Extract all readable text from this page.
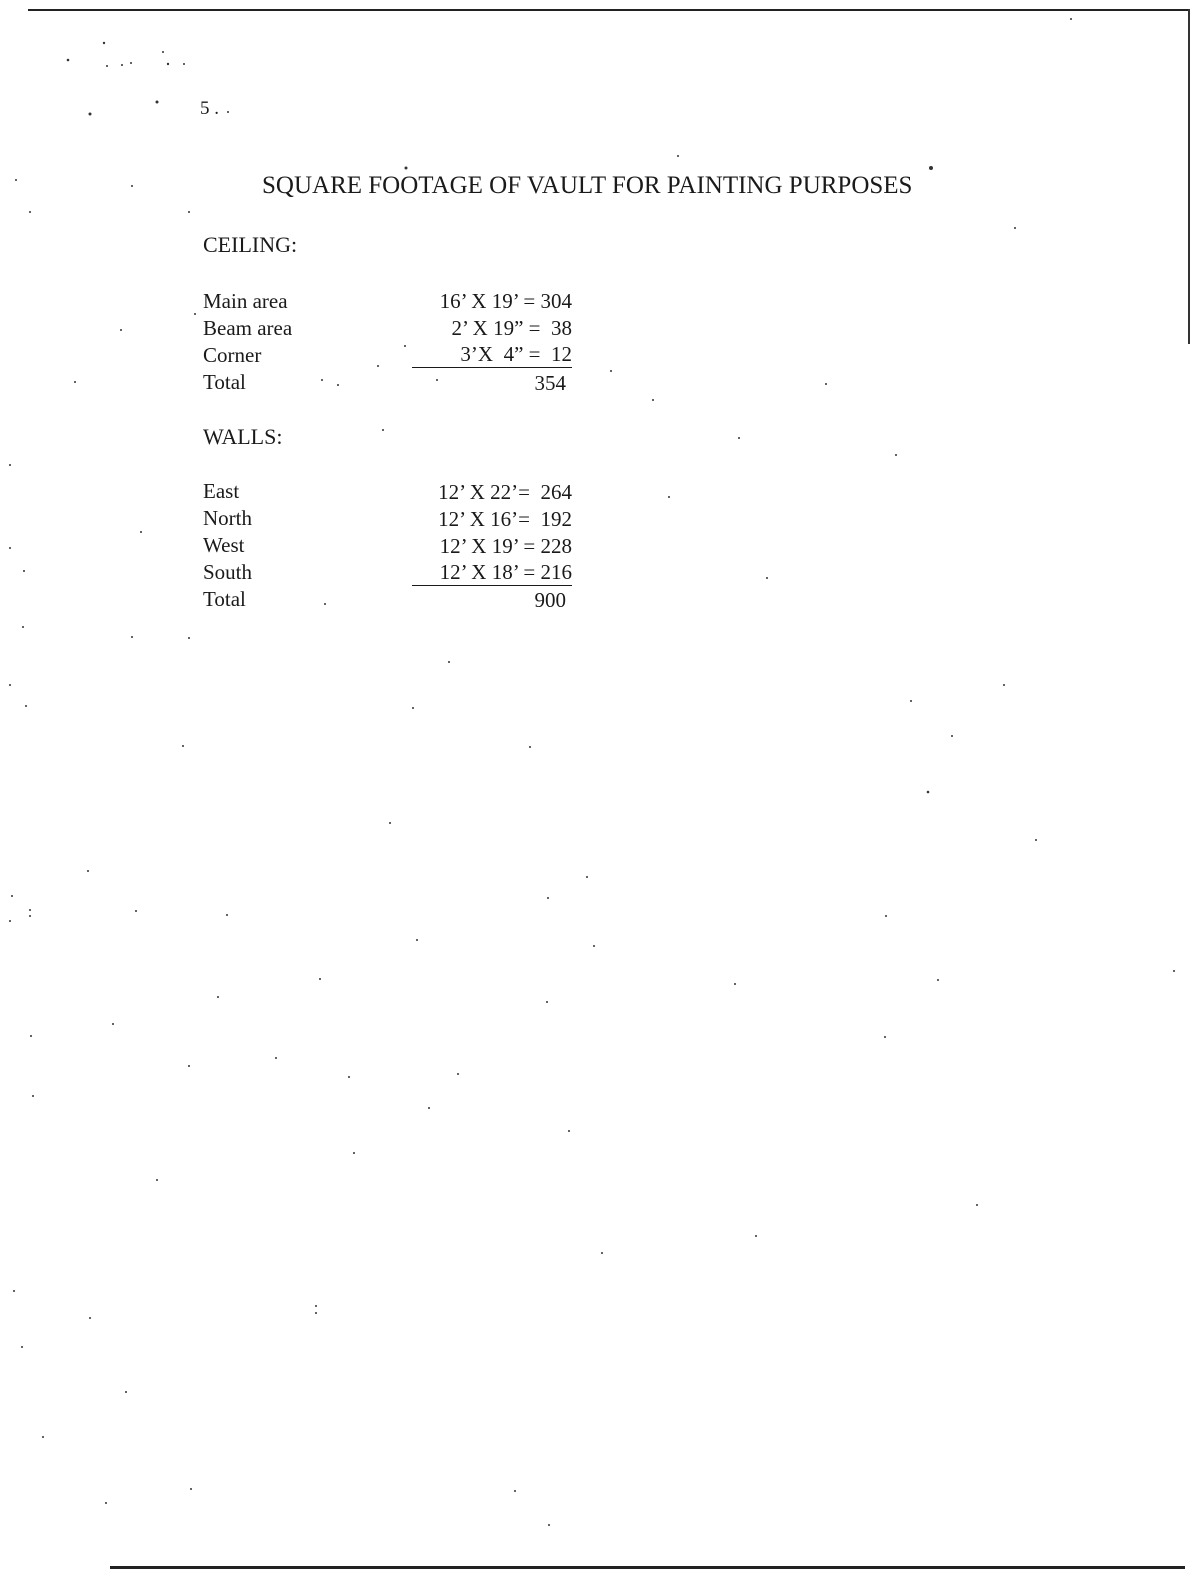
5 .
SQUARE FOOTAGE OF VAULT FOR PAINTING PURPOSES
CEILING:
Main area	16’ X 19’ = 304
Beam area	2’ X 19” =  38
Corner	3’X  4” =  12
Total	354
WALLS:
East	12’ X 22’=  264
North	12’ X 16’=  192
West	12’ X 19’ = 228
South	12’ X 18’ = 216
Total	900
